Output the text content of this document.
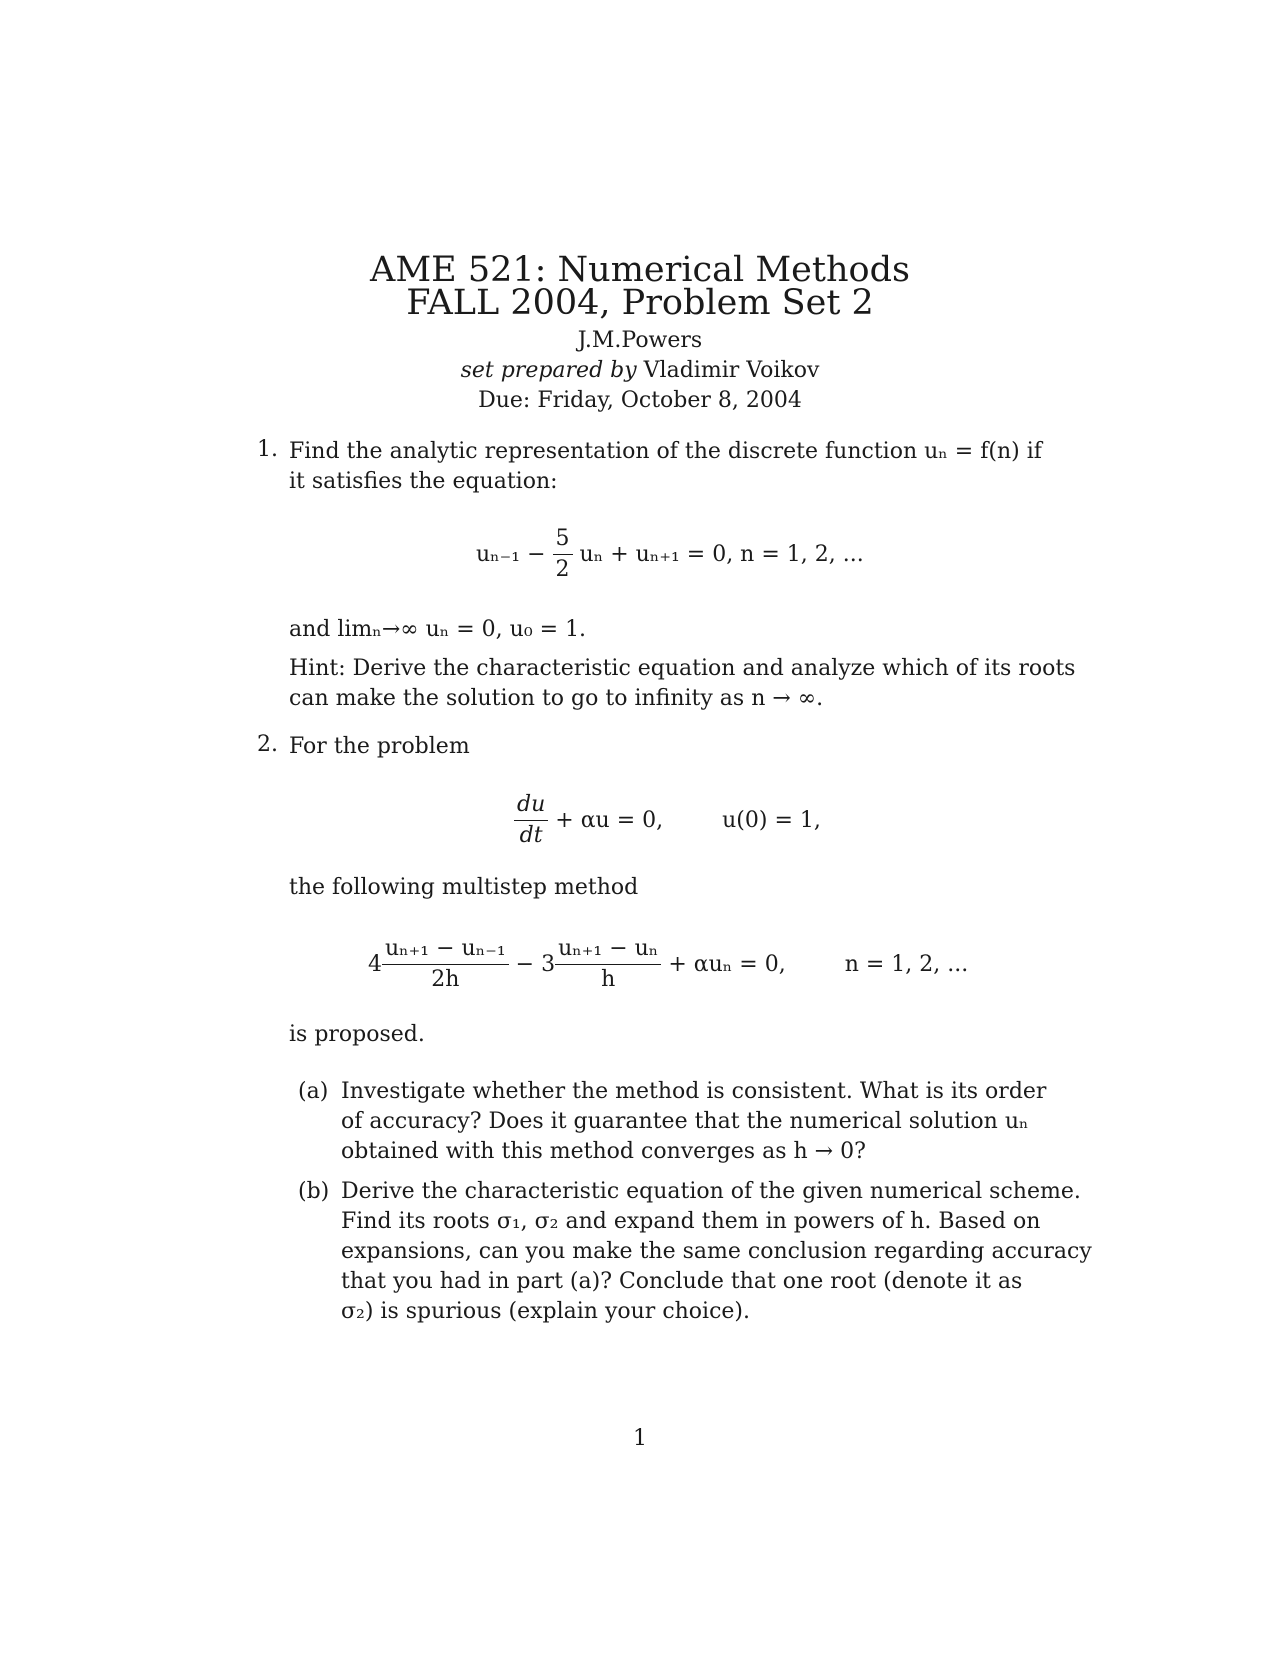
AME 521: Numerical Methods
FALL 2004, Problem Set 2
J.M.Powers
set prepared by Vladimir Voikov
Due: Friday, October 8, 2004
1. Find the analytic representation of the discrete function uₙ = f(n) if
it satisfies the equation:
$u_{n-1} - \frac{5}{2}$ uₙ + uₙ₊₁ = 0, n = 1, 2, ...
and limₙ→∞ uₙ = 0, u₀ = 1.
Hint: Derive the characteristic equation and analyze which of its roots
can make the solution to go to infinity as n → ∞.
2. For the problem
$\frac{du}{dt} + \alpha u = 0$,	u(0) = 1,
the following multistep method
$4 \frac{\text{uₙ₊₁ − uₙ₋₁}}{2h} - 3 \frac{\text{uₙ₊₁ − uₙ}}{h} + \alpha u_n = 0$,	n = 1, 2, ...
is proposed.
(a) Investigate whether the method is consistent. What is its order
of accuracy? Does it guarantee that the numerical solution uₙ
obtained with this method converges as h → 0?
(b) Derive the characteristic equation of the given numerical scheme.
Find its roots σ₁, σ₂ and expand them in powers of h. Based on
expansions, can you make the same conclusion regarding accuracy
that you had in part (a)? Conclude that one root (denote it as
σ₂) is spurious (explain your choice).
1
